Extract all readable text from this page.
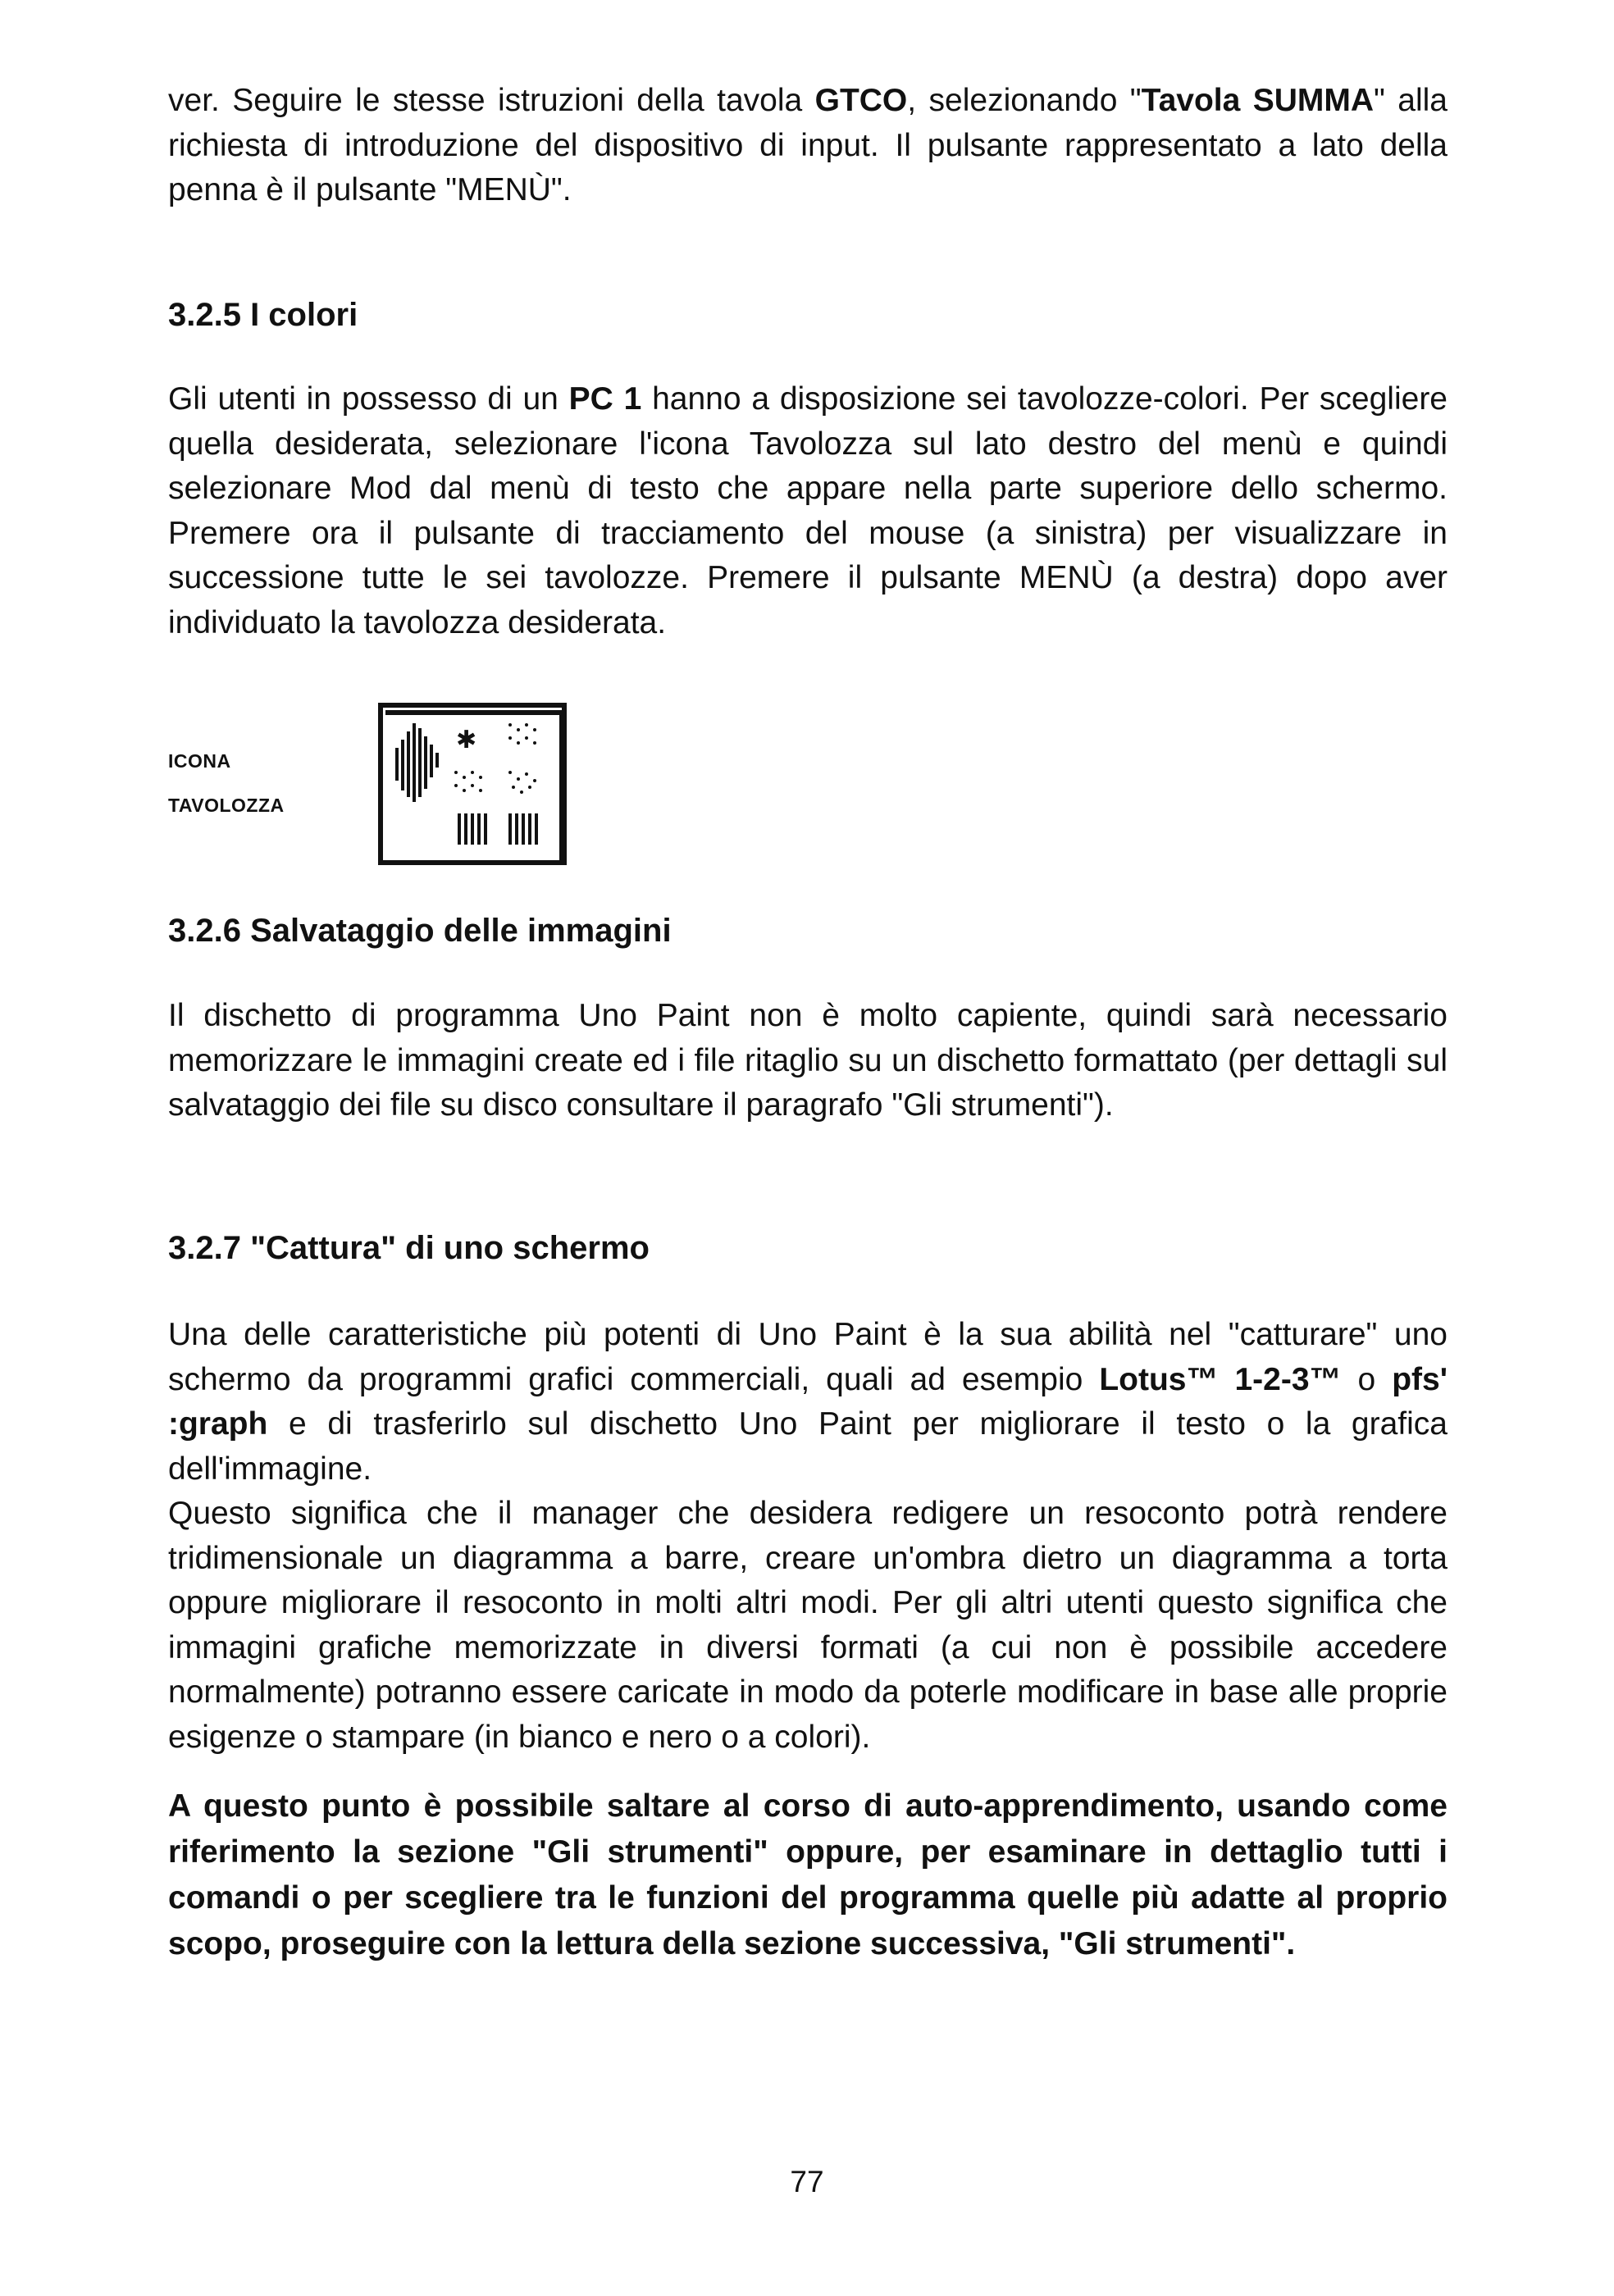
ver. Seguire le stesse istruzioni della tavola GTCO, selezionando "Tavola SUMMA" alla richiesta di introduzione del dispositivo di input. Il pulsante rappresentato a lato della penna è il pulsante "MENÙ".

3.2.5 I colori

Gli utenti in possesso di un PC 1 hanno a disposizione sei tavolozze-colori. Per scegliere quella desiderata, selezionare l'icona Tavolozza sul lato destro del menù e quindi selezionare Mod dal menù di testo che appare nella parte superiore dello schermo. Premere ora il pulsante di tracciamento del mouse (a sinistra) per visualizzare in successione tutte le sei tavolozze. Premere il pulsante MENÙ (a destra) dopo aver individuato la tavolozza desiderata.

ICONA
TAVOLOZZA
✱
3.2.6 Salvataggio delle immagini

Il dischetto di programma Uno Paint non è molto capiente, quindi sarà necessario memorizzare le immagini create ed i file ritaglio su un dischetto formattato (per dettagli sul salvataggio dei file su disco consultare il paragrafo "Gli strumenti").

3.2.7 "Cattura" di uno schermo

Una delle caratteristiche più potenti di Uno Paint è la sua abilità nel "catturare" uno schermo da programmi grafici commerciali, quali ad esempio Lotus™ 1-2-3™ o pfs' :graph e di trasferirlo sul dischetto Uno Paint per migliorare il testo o la grafica dell'immagine.

Questo significa che il manager che desidera redigere un resoconto potrà rendere tridimensionale un diagramma a barre, creare un'ombra dietro un diagramma a torta oppure migliorare il resoconto in molti altri modi. Per gli altri utenti questo significa che immagini grafiche memorizzate in diversi formati (a cui non è possibile accedere normalmente) potranno essere caricate in modo da poterle modificare in base alle proprie esigenze o stampare (in bianco e nero o a colori).

A questo punto è possibile saltare al corso di auto-apprendimento, usando come riferimento la sezione "Gli strumenti" oppure, per esaminare in dettaglio tutti i comandi o per scegliere tra le funzioni del programma quelle più adatte al proprio scopo, proseguire con la lettura della sezione successiva, "Gli strumenti".

77
